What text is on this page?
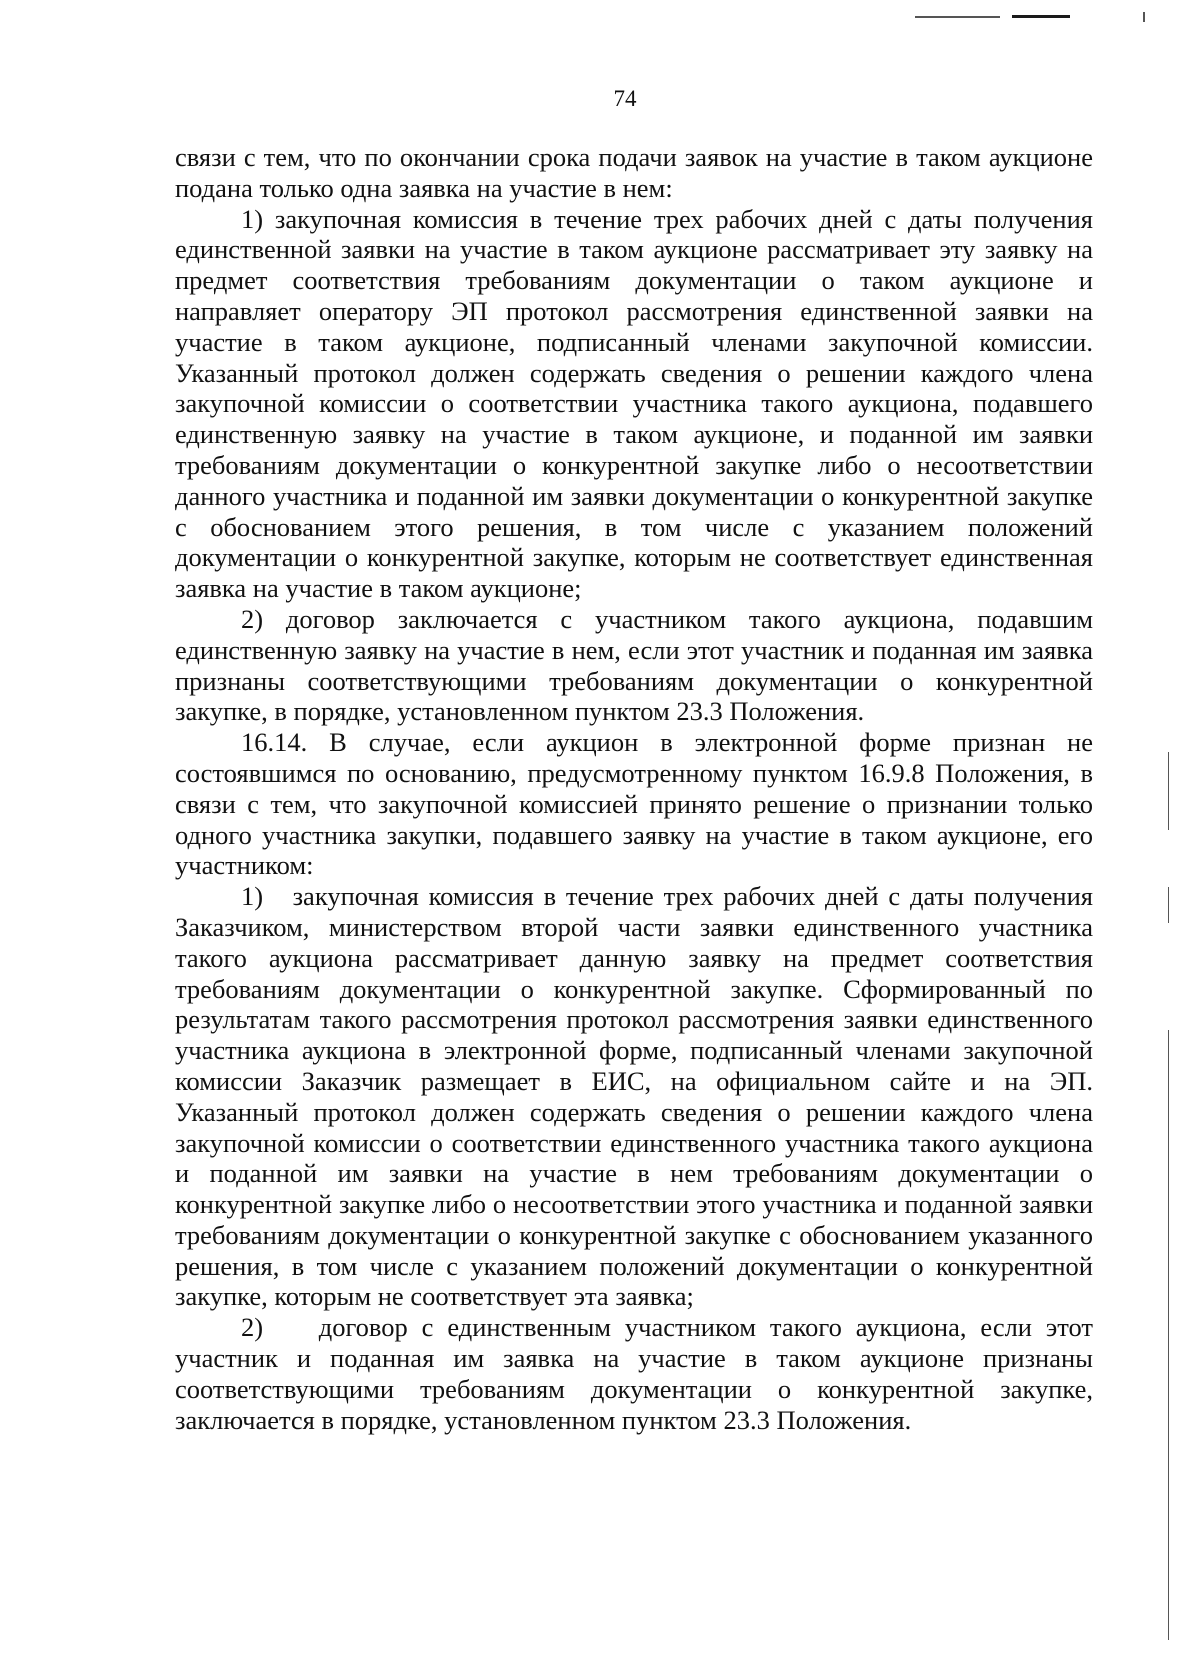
74

связи с тем, что по окончании срока подачи заявок на участие в таком аукционе подана только одна заявка на участие в нем:

1) закупочная комиссия в течение трех рабочих дней с даты получения единственной заявки на участие в таком аукционе рассматривает эту заявку на предмет соответствия требованиям документации о таком аукционе и направляет оператору ЭП протокол рассмотрения единственной заявки на участие в таком аукционе, подписанный членами закупочной комиссии. Указанный протокол должен содержать сведения о решении каждого члена закупочной комиссии о соответствии участника такого аукциона, подавшего единственную заявку на участие в таком аукционе, и поданной им заявки требованиям документации о конкурентной закупке либо о несоответствии данного участника и поданной им заявки документации о конкурентной закупке с обоснованием этого решения, в том числе с указанием положений документации о конкурентной закупке, которым не соответствует единственная заявка на участие в таком аукционе;

2) договор заключается с участником такого аукциона, подавшим единственную заявку на участие в нем, если этот участник и поданная им заявка признаны соответствующими требованиям документации о конкурентной закупке, в порядке, установленном пунктом 23.3 Положения.

16.14. В случае, если аукцион в электронной форме признан не состоявшимся по основанию, предусмотренному пунктом 16.9.8 Положения, в связи с тем, что закупочной комиссией принято решение о признании только одного участника закупки, подавшего заявку на участие в таком аукционе, его участником:

1)   закупочная комиссия в течение трех рабочих дней с даты получения Заказчиком, министерством второй части заявки единственного участника такого аукциона рассматривает данную заявку на предмет соответствия требованиям документации о конкурентной закупке. Сформированный по результатам такого рассмотрения протокол рассмотрения заявки единственного участника аукциона в электронной форме, подписанный членами закупочной комиссии Заказчик размещает в ЕИС, на официальном сайте и на ЭП. Указанный протокол должен содержать сведения о решении каждого члена закупочной комиссии о соответствии единственного участника такого аукциона и поданной им заявки на участие в нем требованиям документации о конкурентной закупке либо о несоответствии этого участника и поданной заявки требованиям документации о конкурентной закупке с обоснованием указанного решения, в том числе с указанием положений документации о конкурентной закупке, которым не соответствует эта заявка;

2)    договор с единственным участником такого аукциона, если этот участник и поданная им заявка на участие в таком аукционе признаны соответствующими требованиям документации о конкурентной закупке, заключается в порядке, установленном пунктом 23.3 Положения.
